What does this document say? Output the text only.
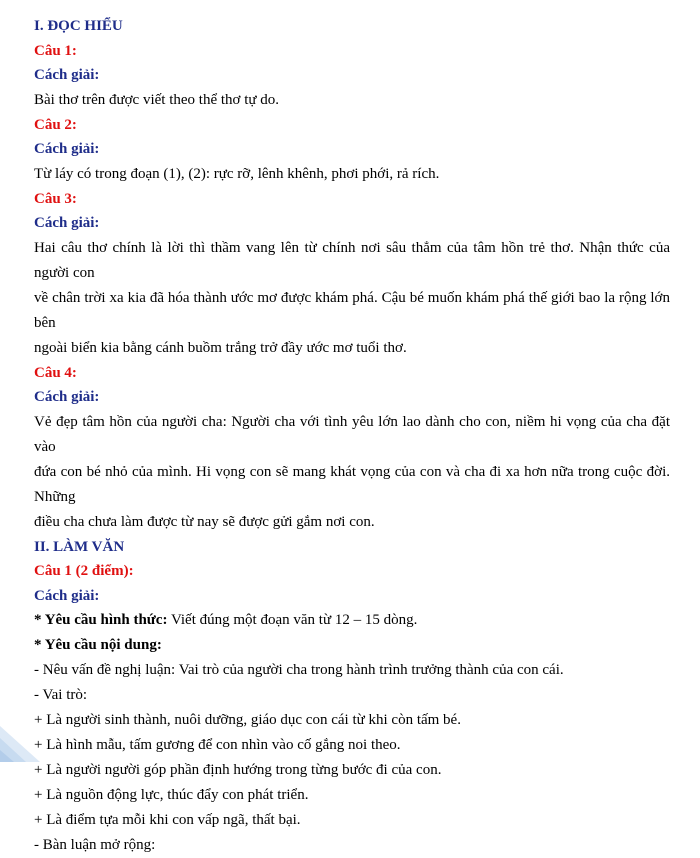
I. ĐỌC HIỂU

Câu 1:

Cách giải:

Bài thơ trên được viết theo thể thơ tự do.

Câu 2:

Cách giải:

Từ láy có trong đoạn (1), (2): rực rỡ, lênh khênh, phơi phới, rả rích.

Câu 3:

Cách giải:

Hai câu thơ chính là lời thì thầm vang lên từ chính nơi sâu thẳm của tâm hồn trẻ thơ. Nhận thức của người con

về chân trời xa kia đã hóa thành ước mơ được khám phá. Cậu bé muốn khám phá thế giới bao la rộng lớn bên

ngoài biển kia bằng cánh buồm trắng trở đầy ước mơ tuổi thơ.

Câu 4:

Cách giải:

Vẻ đẹp tâm hồn của người cha: Người cha với tình yêu lớn lao dành cho con, niềm hi vọng của cha đặt vào

đứa con bé nhỏ của mình. Hi vọng con sẽ mang khát vọng của con và cha đi xa hơn nữa trong cuộc đời. Những

điều cha chưa làm được từ nay sẽ được gửi gắm nơi con.

II. LÀM VĂN

Câu 1 (2 điểm):

Cách giải:

* Yêu cầu hình thức: Viết đúng một đoạn văn từ 12 – 15 dòng.

* Yêu cầu nội dung:

- Nêu vấn đề nghị luận: Vai trò của người cha trong hành trình trưởng thành của con cái.

- Vai trò:

+ Là người sinh thành, nuôi dưỡng, giáo dục con cái từ khi còn tấm bé.

+ Là hình mẫu, tấm gương để con nhìn vào cố gắng noi theo.

+ Là người người góp phần định hướng trong từng bước đi của con.

+ Là nguồn động lực, thúc đẩy con phát triển.

+ Là điểm tựa mỗi khi con vấp ngã, thất bại.

- Bàn luận mở rộng:
